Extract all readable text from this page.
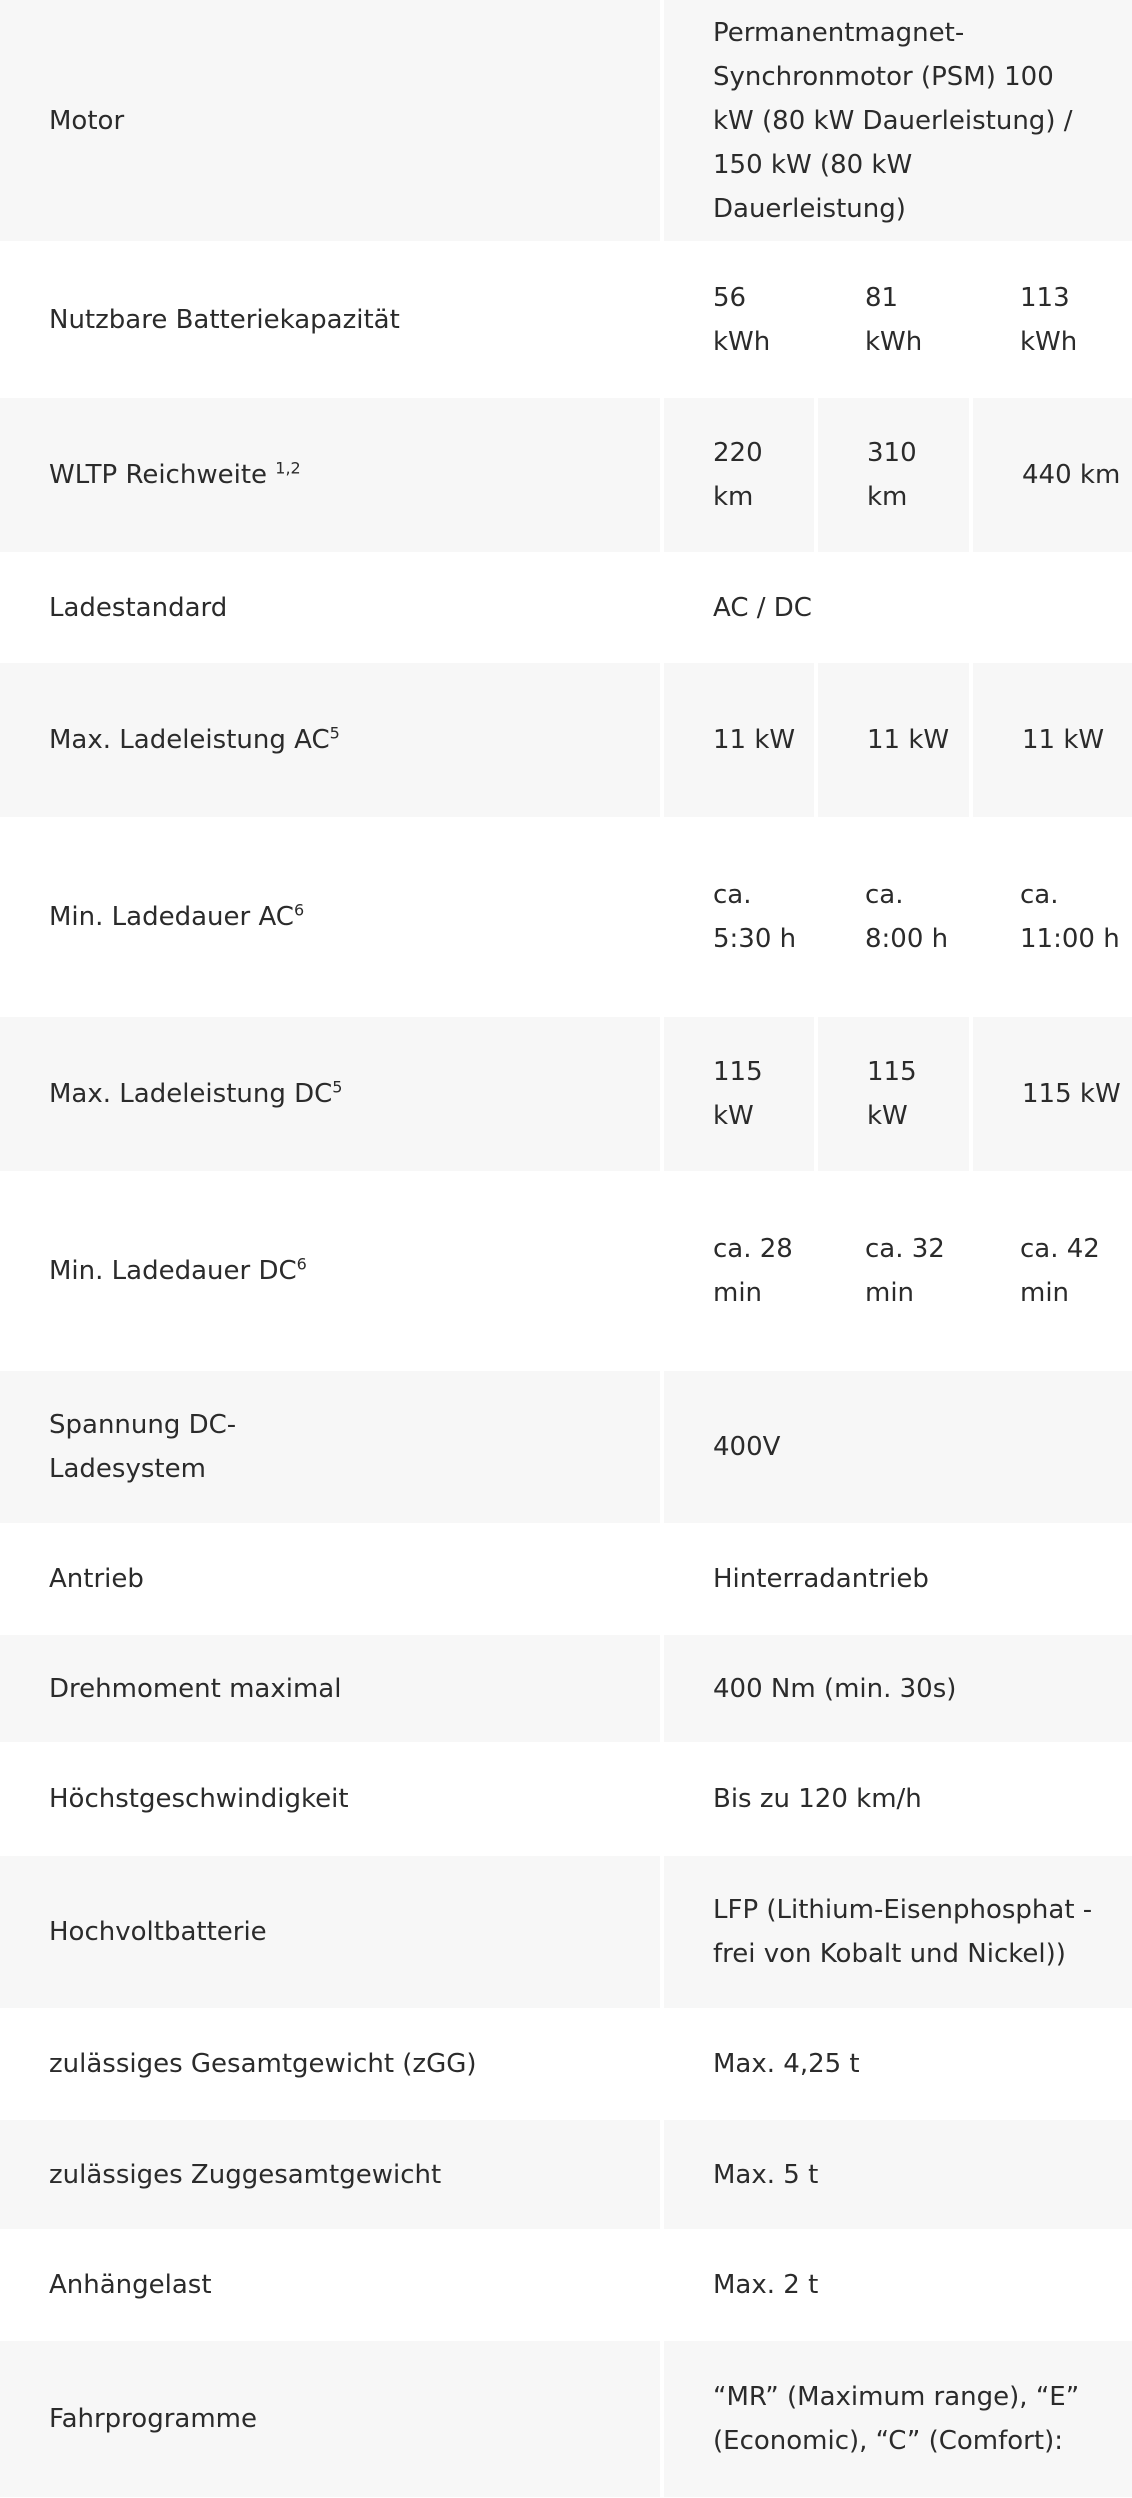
Motor	Permanentmagnet-Synchronmotor (PSM) 100 kW (80 kW Dauerleistung) / 150 kW (80 kW Dauerleistung)		

Nutzbare Batteriekapazität	56 kWh	81 kWh	113 kWh
WLTP Reichweite $^{1,2}$	220 km	310 km	440 km
Ladestandard	AC / DC		
Max. Ladeleistung $AC^5$	11 kW	11 kW	11 kW
Min. Ladedauer $AC^6$	ca. 5:30 h	ca. 8:00 h	ca. 11:00 h
Max. Ladeleistung $DC^5$	115 kW	115 kW	115 kW
Min. Ladedauer $DC^6$	ca. 28 min	ca. 32 min	ca. 42 min

Spannung DC-Ladesystem	400V		
Antrieb	Hinterradantrieb		
Drehmoment maximal	400 Nm (min. 30s)		
Höchstgeschwindigkeit	Bis zu 120 km/h		
Hochvoltbatterie	LFP (Lithium-Eisenphosphat - frei von Kobalt und Nickel))		
zulässiges Gesamtgewicht (zGG)	Max. 4,25 t		
zulässiges Zuggesamtgewicht	Max. 5 t		
Anhängelast	Max. 2 t		
Fahrprogramme	“MR” (Maximum range), “E” (Economic), “C” (Comfort):		
